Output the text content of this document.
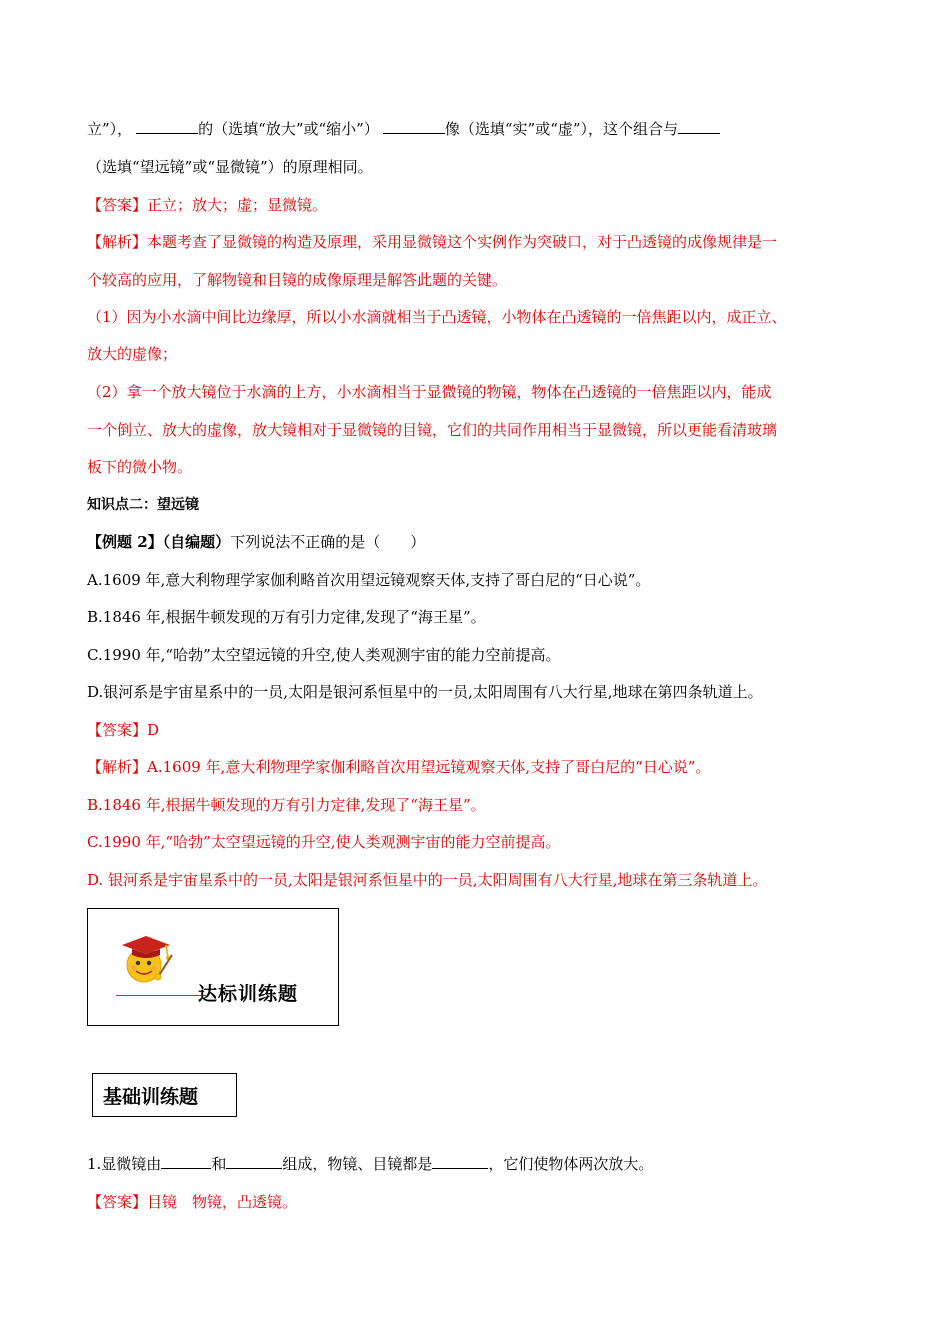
立”），	的（选填“放大”或“缩小”）	像（选填“实”或“虚”），这个组合与
（选填“望远镜”或“显微镜”）的原理相同。
【答案】正立；放大；虚；显微镜。
【解析】本题考查了显微镜的构造及原理，采用显微镜这个实例作为突破口，对于凸透镜的成像规律是一
个较高的应用，了解物镜和目镜的成像原理是解答此题的关键。
（1）因为小水滴中间比边缘厚，所以小水滴就相当于凸透镜，小物体在凸透镜的一倍焦距以内，成正立、
放大的虚像；
（2）拿一个放大镜位于水滴的上方，小水滴相当于显微镜的物镜，物体在凸透镜的一倍焦距以内，能成
一个倒立、放大的虚像，放大镜相对于显微镜的目镜，它们的共同作用相当于显微镜，所以更能看清玻璃
板下的微小物。
知识点二：望远镜
【例题 2】（自编题）下列说法不正确的是（　　）
A.1609 年,意大利物理学家伽利略首次用望远镜观察天体,支持了哥白尼的“日心说”。
B.1846 年,根据牛顿发现的万有引力定律,发现了“海王星”。
C.1990 年,“哈勃”太空望远镜的升空,使人类观测宇宙的能力空前提高。
D.银河系是宇宙星系中的一员,太阳是银河系恒星中的一员,太阳周围有八大行星,地球在第四条轨道上。
【答案】D
【解析】A.1609 年,意大利物理学家伽利略首次用望远镜观察天体,支持了哥白尼的“日心说”。
B.1846 年,根据牛顿发现的万有引力定律,发现了“海王星”。
C.1990 年,“哈勃”太空望远镜的升空,使人类观测宇宙的能力空前提高。
D. 银河系是宇宙星系中的一员,太阳是银河系恒星中的一员,太阳周围有八大行星,地球在第三条轨道上。
达标训练题
基础训练题
1.显微镜由	和	组成，物镜、目镜都是	，它们使物体两次放大。
【答案】目镜　物镜，凸透镜。
